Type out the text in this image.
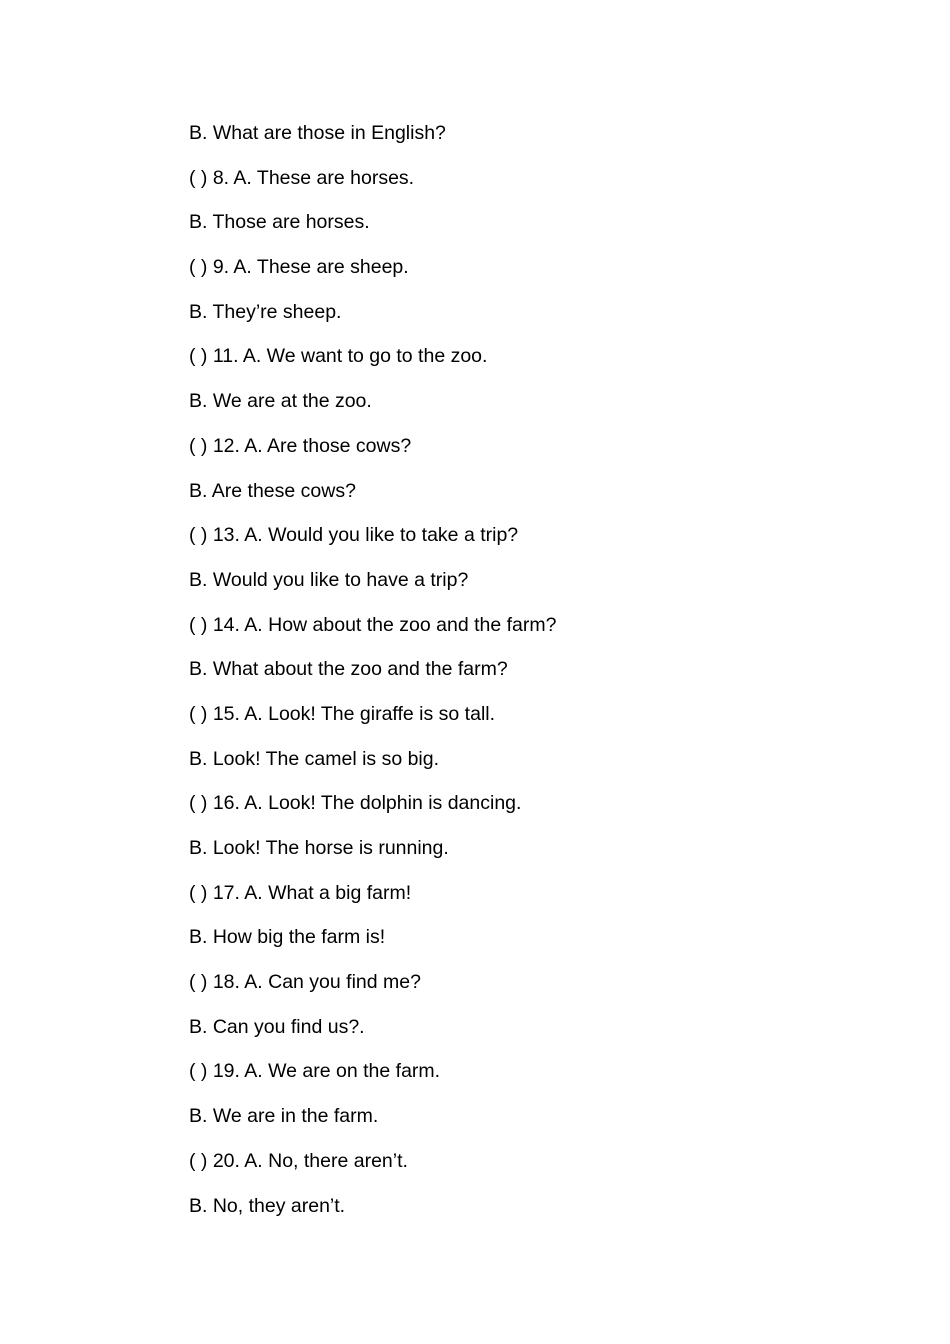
B. What are those in English?
( ) 8. A. These are horses.
B. Those are horses.
( ) 9. A. These are sheep.
B. They’re sheep.
( ) 11. A. We want to go to the zoo.
B. We are at the zoo.
( ) 12. A. Are those cows?
B. Are these cows?
( ) 13. A. Would you like to take a trip?
B. Would you like to have a trip?
( ) 14. A. How about the zoo and the farm?
B. What about the zoo and the farm?
( ) 15. A. Look! The giraffe is so tall.
B. Look! The camel is so big.
( ) 16. A. Look! The dolphin is dancing.
B. Look! The horse is running.
( ) 17. A. What a big farm!
B. How big the farm is!
( ) 18. A. Can you find me?
B. Can you find us?.
( ) 19. A. We are on the farm.
B. We are in the farm.
( ) 20. A. No, there aren’t.
B. No, they aren’t.
